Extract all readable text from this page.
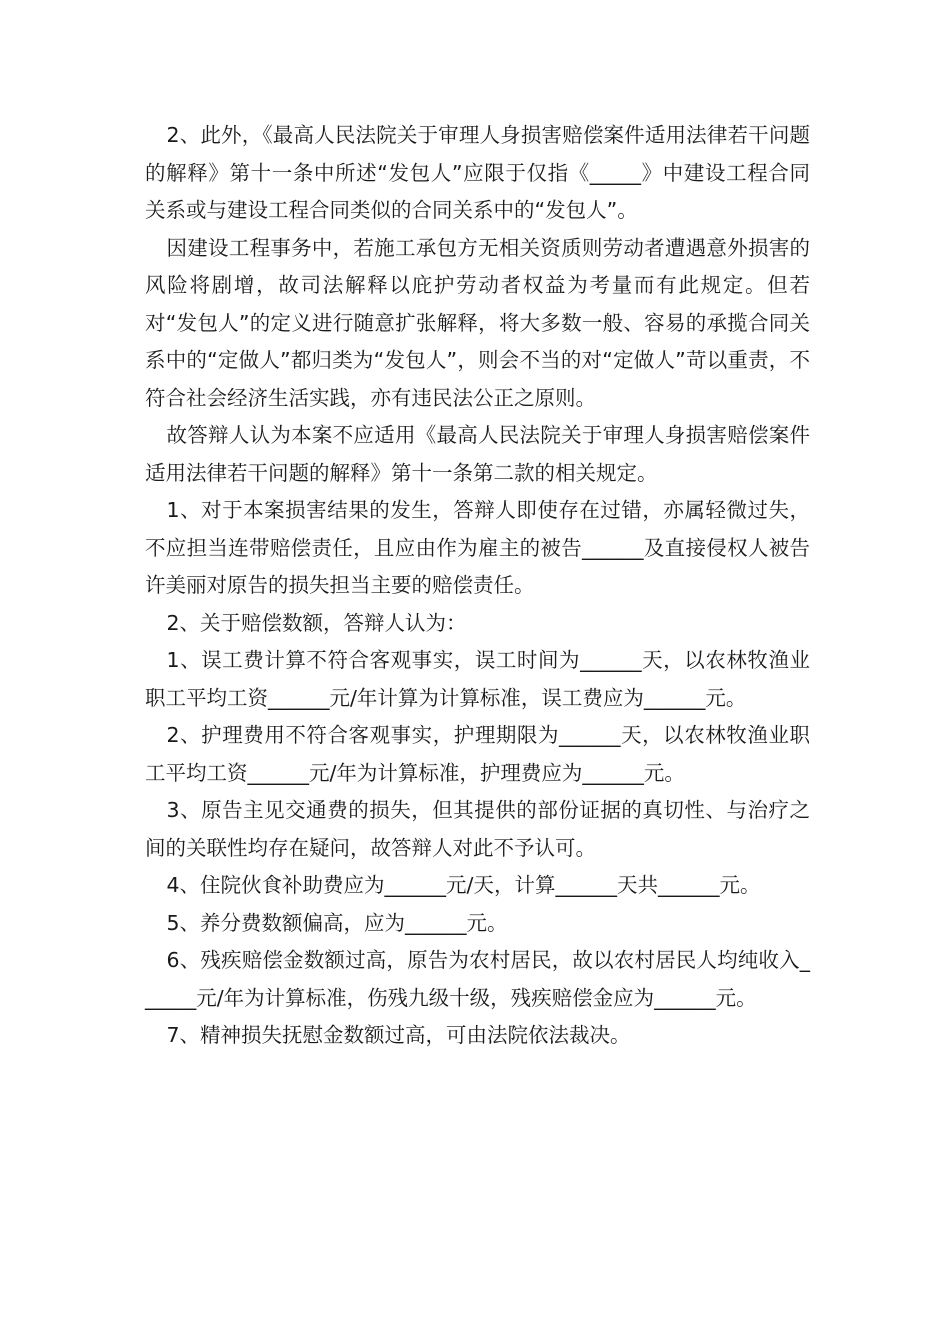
2、此外，《最高人民法院关于审理人身损害赔偿案件适用法律若干问题的解释》第十一条中所述“发包人”应限于仅指《_____》中建设工程合同关系或与建设工程合同类似的合同关系中的“发包人”。

因建设工程事务中，若施工承包方无相关资质则劳动者遭遇意外损害的风险将剧增，故司法解释以庇护劳动者权益为考量而有此规定。但若对“发包人”的定义进行随意扩张解释，将大多数一般、容易的承揽合同关系中的“定做人”都归类为“发包人”，则会不当的对“定做人”苛以重责，不符合社会经济生活实践，亦有违民法公正之原则。

故答辩人认为本案不应适用《最高人民法院关于审理人身损害赔偿案件适用法律若干问题的解释》第十一条第二款的相关规定。

1、对于本案损害结果的发生，答辩人即使存在过错，亦属轻微过失，不应担当连带赔偿责任，且应由作为雇主的被告______及直接侵权人被告许美丽对原告的损失担当主要的赔偿责任。

2、关于赔偿数额，答辩人认为：

1、误工费计算不符合客观事实，误工时间为______天，以农林牧渔业职工平均工资______元/年计算为计算标准，误工费应为______元。

2、护理费用不符合客观事实，护理期限为______天，以农林牧渔业职工平均工资______元/年为计算标准，护理费应为______元。

3、原告主见交通费的损失，但其提供的部份证据的真切性、与治疗之间的关联性均存在疑问，故答辩人对此不予认可。

4、住院伙食补助费应为______元/天，计算______天共______元。

5、养分费数额偏高，应为______元。

6、残疾赔偿金数额过高，原告为农村居民，故以农村居民人均纯收入______元/年为计算标准，伤残九级十级，残疾赔偿金应为______元。

7、精神损失抚慰金数额过高，可由法院依法裁决。
